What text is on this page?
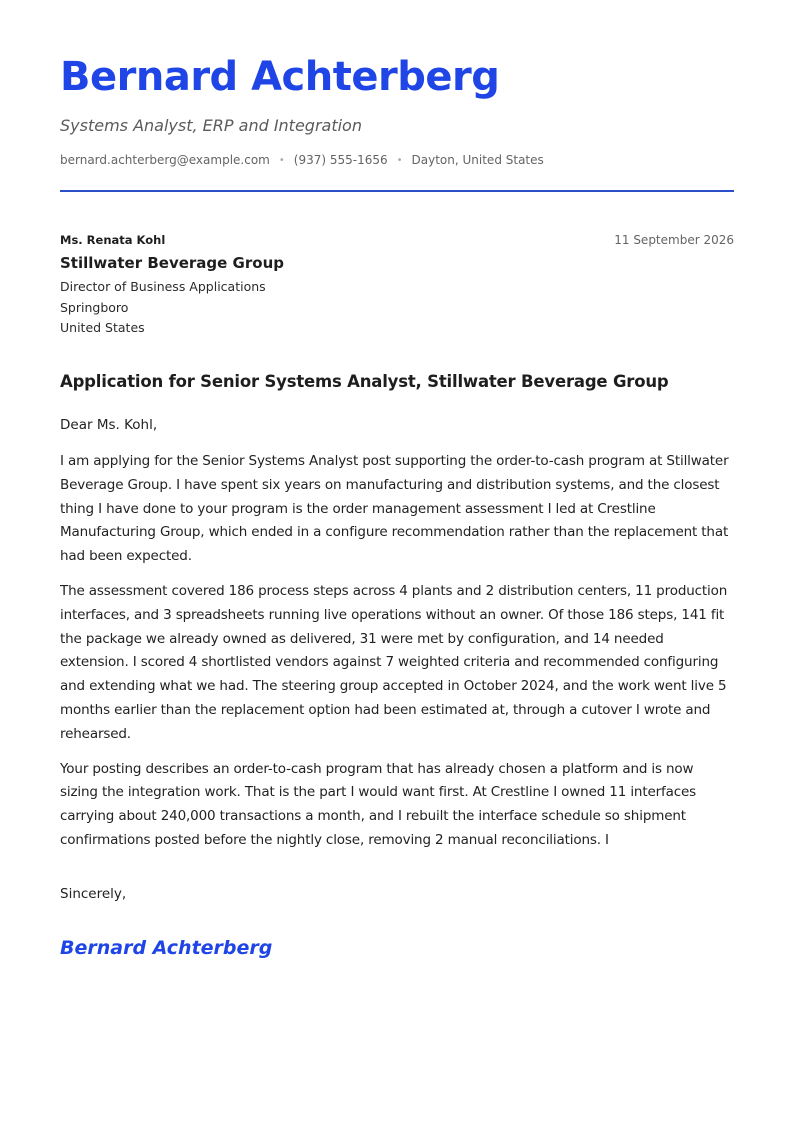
Bernard Achterberg
Systems Analyst, ERP and Integration
bernard.achterberg@example.com • (937) 555-1656 • Dayton, United States
Ms. Renata Kohl	11 September 2026
Stillwater Beverage Group
Director of Business Applications
Springboro
United States
Application for Senior Systems Analyst, Stillwater Beverage Group
Dear Ms. Kohl,

I am applying for the Senior Systems Analyst post supporting the order-to-cash program at Stillwater Beverage Group. I have spent six years on manufacturing and distribution systems, and the closest thing I have done to your program is the order management assessment I led at Crestline Manufacturing Group, which ended in a configure recommendation rather than the replacement that had been expected.

The assessment covered 186 process steps across 4 plants and 2 distribution centers, 11 production interfaces, and 3 spreadsheets running live operations without an owner. Of those 186 steps, 141 fit the package we already owned as delivered, 31 were met by configuration, and 14 needed extension. I scored 4 shortlisted vendors against 7 weighted criteria and recommended configuring and extending what we had. The steering group accepted in October 2024, and the work went live 5 months earlier than the replacement option had been estimated at, through a cutover I wrote and rehearsed.

Your posting describes an order-to-cash program that has already chosen a platform and is now sizing the integration work. That is the part I would want first. At Crestline I owned 11 interfaces carrying about 240,000 transactions a month, and I rebuilt the interface schedule so shipment confirmations posted before the nightly close, removing 2 manual reconciliations. I

Sincerely,
Bernard Achterberg
